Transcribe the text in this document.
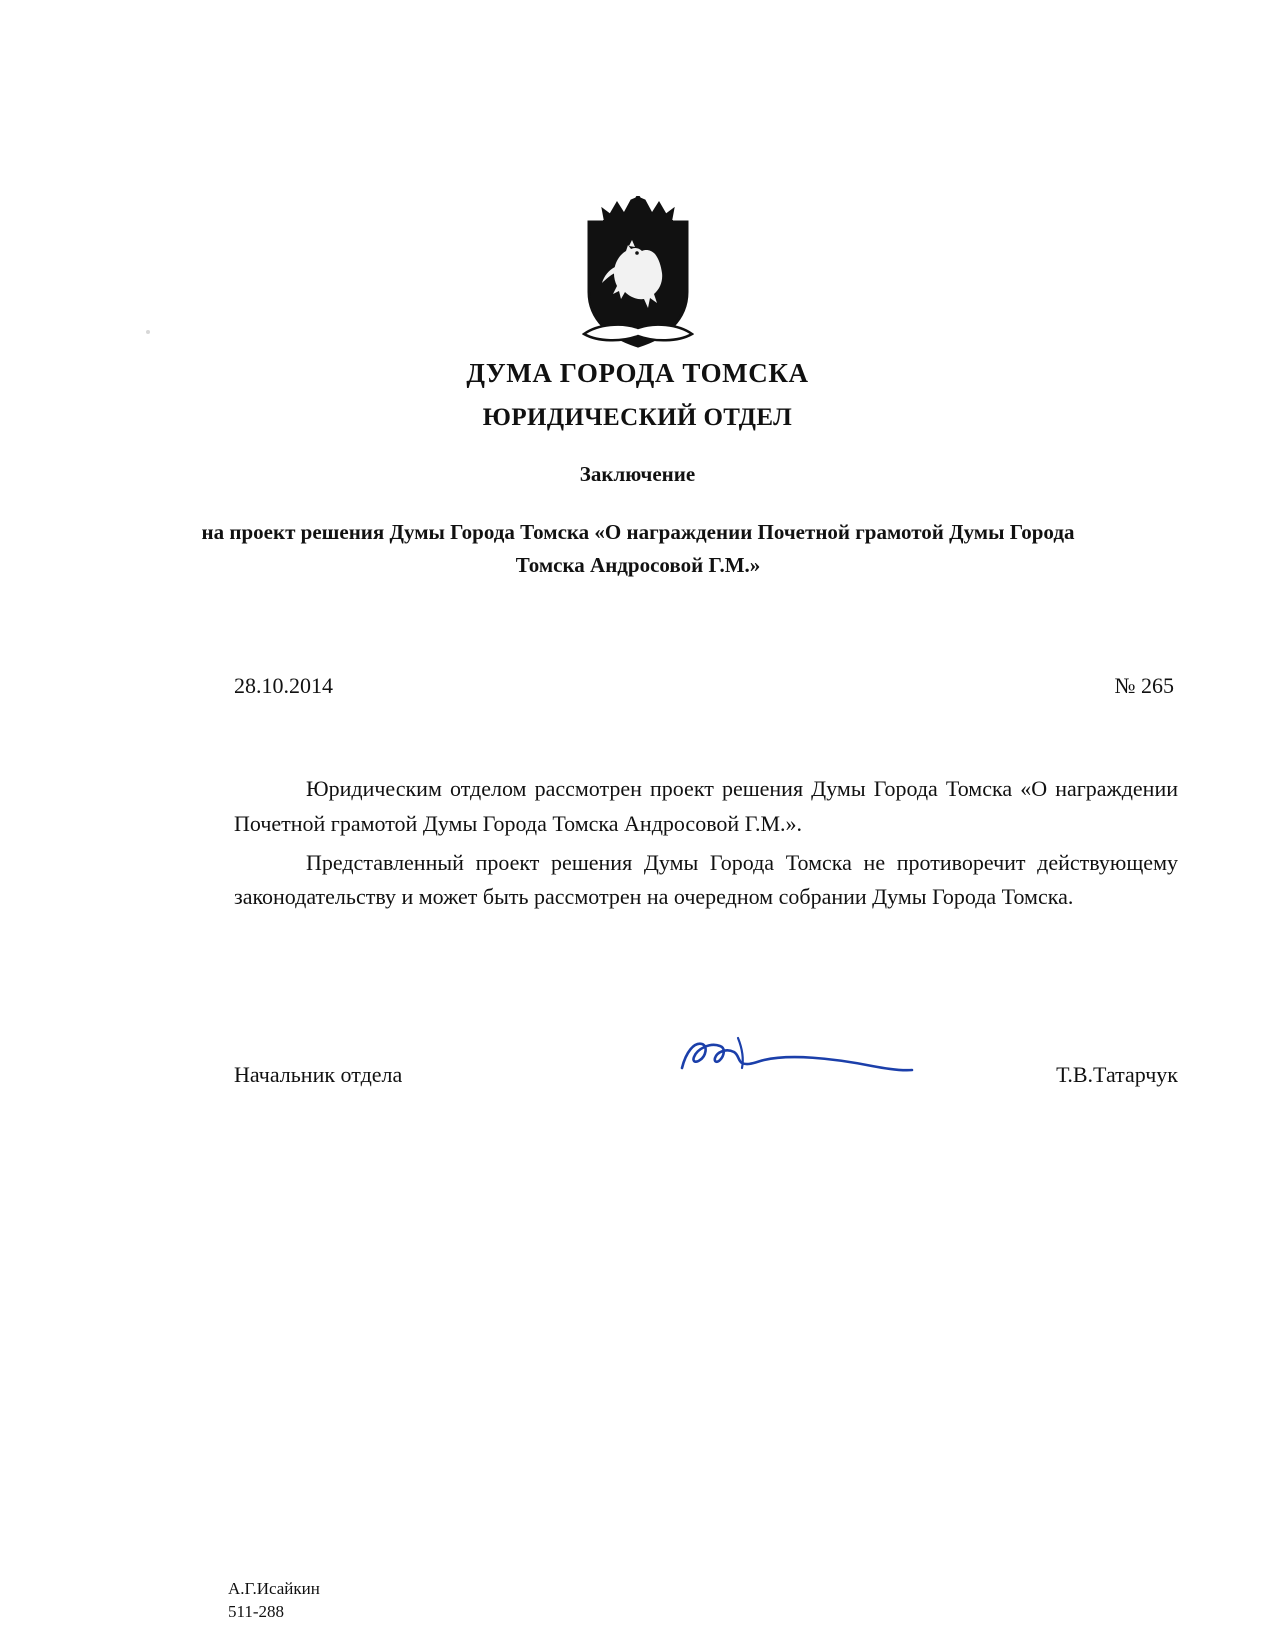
ДУМА ГОРОДА ТОМСКА
ЮРИДИЧЕСКИЙ ОТДЕЛ
Заключение
на проект решения Думы Города Томска «О награждении Почетной грамотой Думы Города Томска Андросовой Г.М.»
28.10.2014	№ 265

Юридическим отделом рассмотрен проект решения Думы Города Томска «О награждении Почетной грамотой Думы Города Томска Андросовой Г.М.».

Представленный проект решения Думы Города Томска не противоречит действующему законодательству и может быть рассмотрен на очередном собрании Думы Города Томска.

Начальник отдела	Т.В.Татарчук
А.Г.Исайкин
511-288
